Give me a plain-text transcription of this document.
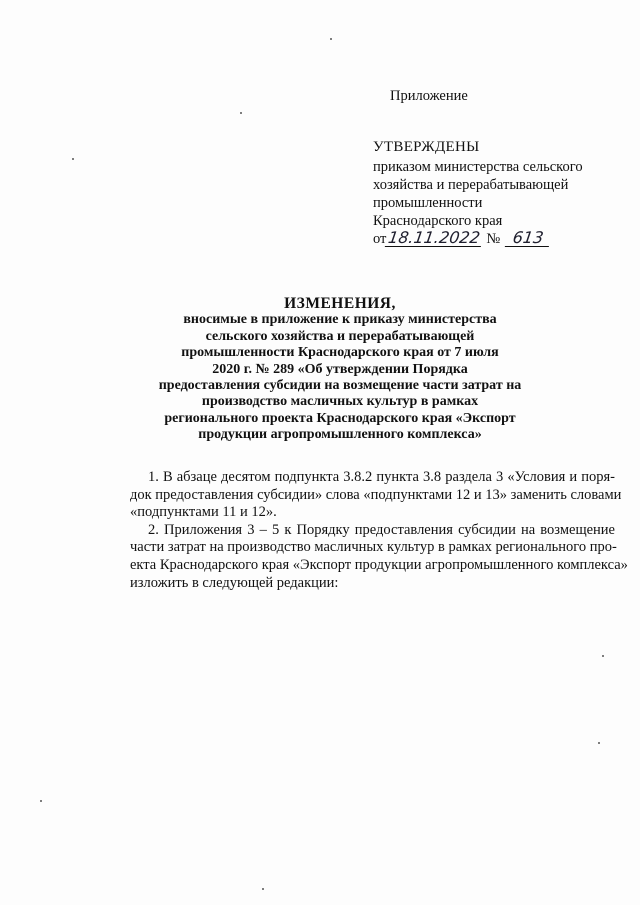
Приложение
УТВЕРЖДЕНЫ
приказом министерства сельского
хозяйства и перерабатывающей
промышленности
Краснодарского края
от 18.11.2022 № 613
ИЗМЕНЕНИЯ,
вносимые в приложение к приказу министерства
сельского хозяйства и перерабатывающей
промышленности Краснодарского края от 7 июля
2020 г. № 289 «Об утверждении Порядка
предоставления субсидии на возмещение части затрат на
производство масличных культур в рамках
регионального проекта Краснодарского края «Экспорт
продукции агропромышленного комплекса»
1. В абзаце десятом подпункта 3.8.2 пункта 3.8 раздела 3 «Условия и поря-
док предоставления субсидии» слова «подпунктами 12 и 13» заменить словами
«подпунктами 11 и 12».
2. Приложения 3 – 5 к Порядку предоставления субсидии на возмещение
части затрат на производство масличных культур в рамках регионального про-
екта Краснодарского края «Экспорт продукции агропромышленного комплекса»
изложить в следующей редакции:
